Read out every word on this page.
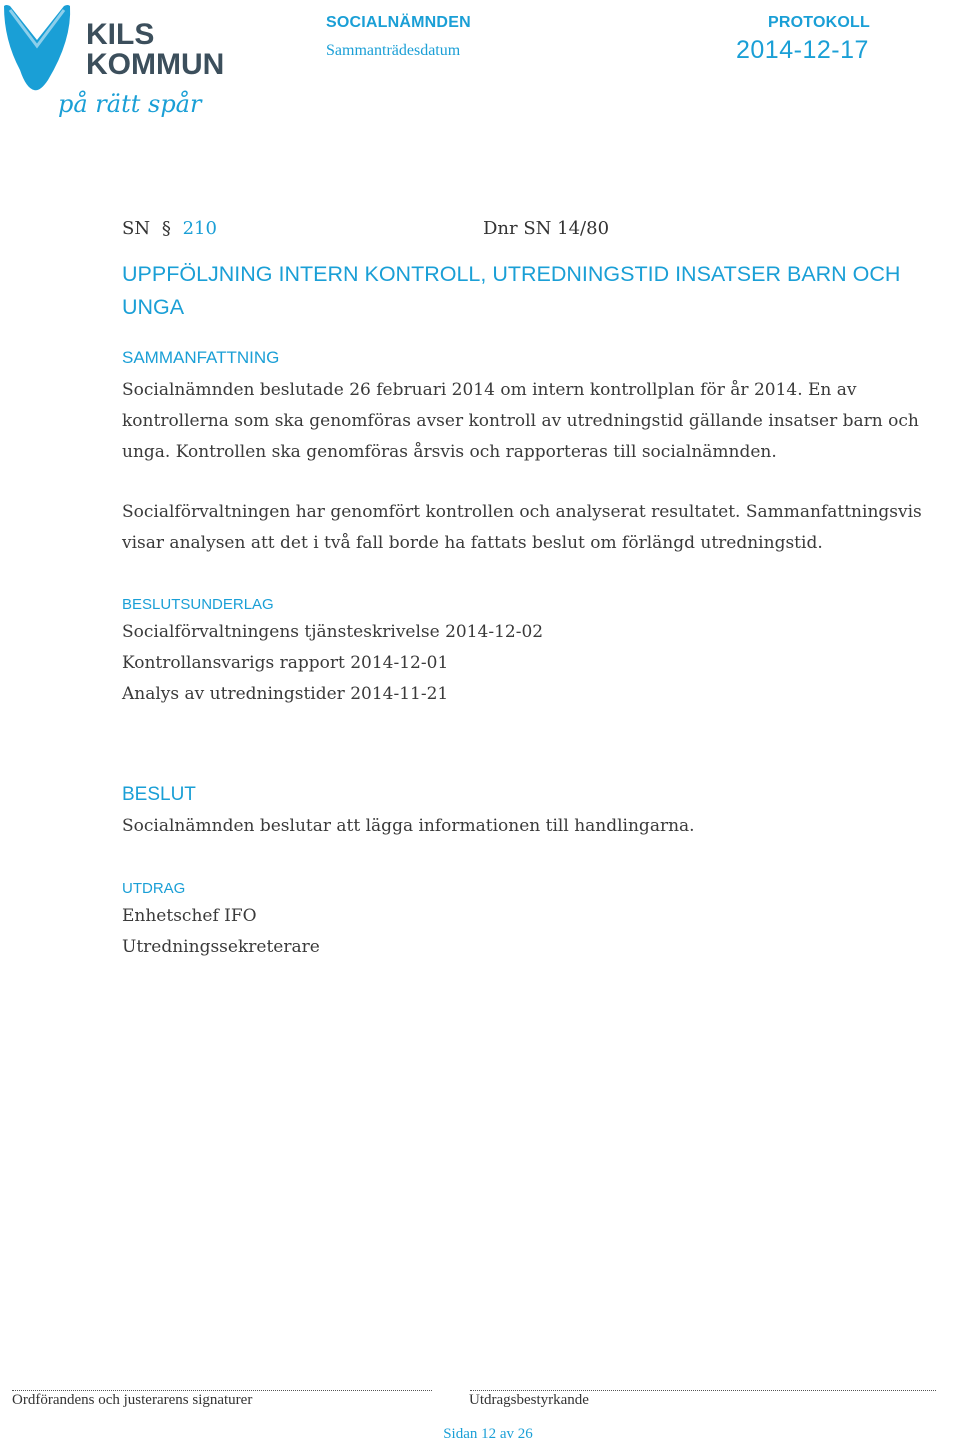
KILS
KOMMUN
på rätt spår
SOCIALNÄMNDEN
Sammanträdesdatum
PROTOKOLL
2014-12-17
SN § 210	Dnr SN 14/80
UPPFÖLJNING INTERN KONTROLL, UTREDNINGSTID INSATSER BARN OCH UNGA
SAMMANFATTNING
Socialnämnden beslutade 26 februari 2014 om intern kontrollplan för år 2014. En av kontrollerna som ska genomföras avser kontroll av utredningstid gällande insatser barn och unga. Kontrollen ska genomföras årsvis och rapporteras till socialnämnden.
Socialförvaltningen har genomfört kontrollen och analyserat resultatet. Sammanfattningsvis visar analysen att det i två fall borde ha fattats beslut om förlängd utredningstid.
BESLUTSUNDERLAG
Socialförvaltningens tjänsteskrivelse 2014-12-02
Kontrollansvarigs rapport 2014-12-01
Analys av utredningstider 2014-11-21
BESLUT
Socialnämnden beslutar att lägga informationen till handlingarna.
UTDRAG
Enhetschef IFO
Utredningssekreterare
Ordförandens och justerarens signaturer	Utdragsbestyrkande
Sidan 12 av 26
